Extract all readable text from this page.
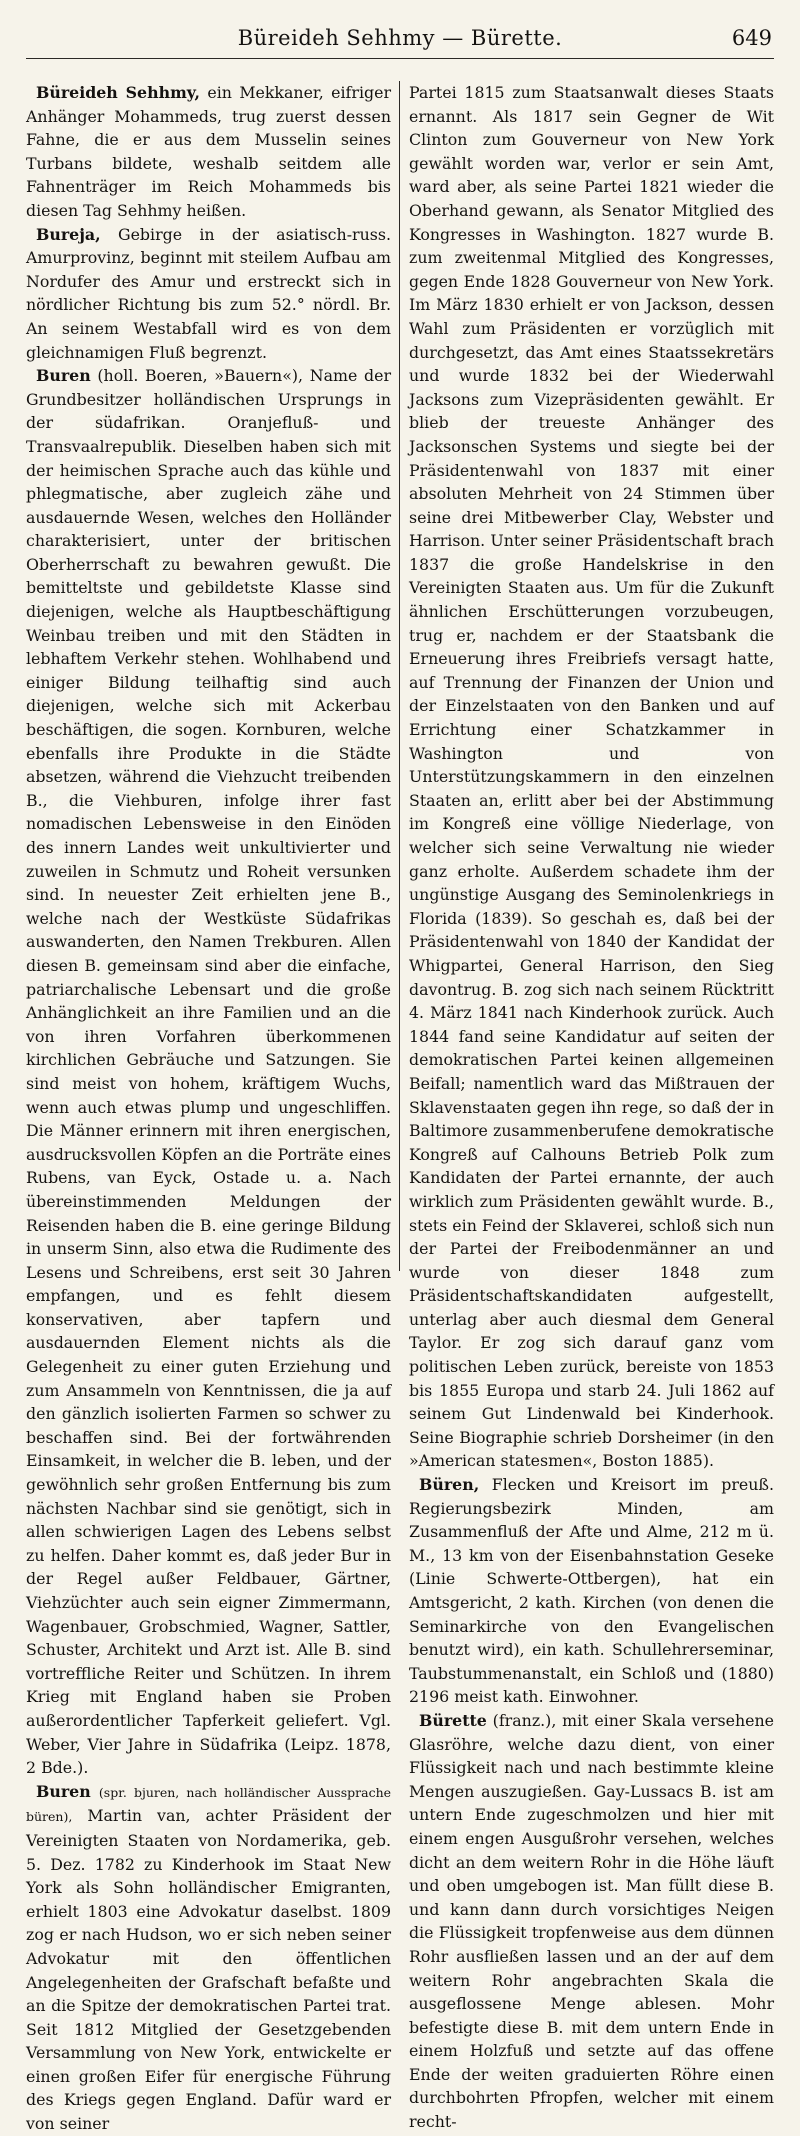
Büreideh Sehhmy — Bürette.	649

Büreideh Sehhmy, ein Mekkaner, eifriger Anhänger Mohammeds, trug zuerst dessen Fahne, die er aus dem Musselin seines Turbans bildete, weshalb seitdem alle Fahnenträger im Reich Mohammeds bis diesen Tag Sehhmy heißen.

Bureja, Gebirge in der asiatisch-russ. Amurprovinz, beginnt mit steilem Aufbau am Nordufer des Amur und erstreckt sich in nördlicher Richtung bis zum 52.° nördl. Br. An seinem Westabfall wird es von dem gleichnamigen Fluß begrenzt.

Buren (holl. Boeren, »Bauern«), Name der Grundbesitzer holländischen Ursprungs in der südafrikan. Oranjefluß- und Transvaalrepublik. Dieselben haben sich mit der heimischen Sprache auch das kühle und phlegmatische, aber zugleich zähe und ausdauernde Wesen, welches den Holländer charakterisiert, unter der britischen Oberherrschaft zu bewahren gewußt. Die bemitteltste und gebildetste Klasse sind diejenigen, welche als Hauptbeschäftigung Weinbau treiben und mit den Städten in lebhaftem Verkehr stehen. Wohlhabend und einiger Bildung teilhaftig sind auch diejenigen, welche sich mit Ackerbau beschäftigen, die sogen. Kornburen, welche ebenfalls ihre Produkte in die Städte absetzen, während die Viehzucht treibenden B., die Viehburen, infolge ihrer fast nomadischen Lebensweise in den Einöden des innern Landes weit unkultivierter und zuweilen in Schmutz und Roheit versunken sind. In neuester Zeit erhielten jene B., welche nach der Westküste Südafrikas auswanderten, den Namen Trekburen. Allen diesen B. gemeinsam sind aber die einfache, patriarchalische Lebensart und die große Anhänglichkeit an ihre Familien und an die von ihren Vorfahren überkommenen kirchlichen Gebräuche und Satzungen. Sie sind meist von hohem, kräftigem Wuchs, wenn auch etwas plump und ungeschliffen. Die Männer erinnern mit ihren energischen, ausdrucksvollen Köpfen an die Porträte eines Rubens, van Eyck, Ostade u. a. Nach übereinstimmenden Meldungen der Reisenden haben die B. eine geringe Bildung in unserm Sinn, also etwa die Rudimente des Lesens und Schreibens, erst seit 30 Jahren empfangen, und es fehlt diesem konservativen, aber tapfern und ausdauernden Element nichts als die Gelegenheit zu einer guten Erziehung und zum Ansammeln von Kenntnissen, die ja auf den gänzlich isolierten Farmen so schwer zu beschaffen sind. Bei der fortwährenden Einsamkeit, in welcher die B. leben, und der gewöhnlich sehr großen Entfernung bis zum nächsten Nachbar sind sie genötigt, sich in allen schwierigen Lagen des Lebens selbst zu helfen. Daher kommt es, daß jeder Bur in der Regel außer Feldbauer, Gärtner, Viehzüchter auch sein eigner Zimmermann, Wagenbauer, Grobschmied, Wagner, Sattler, Schuster, Architekt und Arzt ist. Alle B. sind vortreffliche Reiter und Schützen. In ihrem Krieg mit England haben sie Proben außerordentlicher Tapferkeit geliefert. Vgl. Weber, Vier Jahre in Südafrika (Leipz. 1878, 2 Bde.).

Buren (spr. bjuren, nach holländischer Aussprache büren), Martin van, achter Präsident der Vereinigten Staaten von Nordamerika, geb. 5. Dez. 1782 zu Kinderhook im Staat New York als Sohn holländischer Emigranten, erhielt 1803 eine Advokatur daselbst. 1809 zog er nach Hudson, wo er sich neben seiner Advokatur mit den öffentlichen Angelegenheiten der Grafschaft befaßte und an die Spitze der demokratischen Partei trat. Seit 1812 Mitglied der Gesetzgebenden Versammlung von New York, entwickelte er einen großen Eifer für energische Führung des Kriegs gegen England. Dafür ward er von seiner

Partei 1815 zum Staatsanwalt dieses Staats ernannt. Als 1817 sein Gegner de Wit Clinton zum Gouverneur von New York gewählt worden war, verlor er sein Amt, ward aber, als seine Partei 1821 wieder die Oberhand gewann, als Senator Mitglied des Kongresses in Washington. 1827 wurde B. zum zweitenmal Mitglied des Kongresses, gegen Ende 1828 Gouverneur von New York. Im März 1830 erhielt er von Jackson, dessen Wahl zum Präsidenten er vorzüglich mit durchgesetzt, das Amt eines Staatssekretärs und wurde 1832 bei der Wiederwahl Jacksons zum Vizepräsidenten gewählt. Er blieb der treueste Anhänger des Jacksonschen Systems und siegte bei der Präsidentenwahl von 1837 mit einer absoluten Mehrheit von 24 Stimmen über seine drei Mitbewerber Clay, Webster und Harrison. Unter seiner Präsidentschaft brach 1837 die große Handelskrise in den Vereinigten Staaten aus. Um für die Zukunft ähnlichen Erschütterungen vorzubeugen, trug er, nachdem er der Staatsbank die Erneuerung ihres Freibriefs versagt hatte, auf Trennung der Finanzen der Union und der Einzelstaaten von den Banken und auf Errichtung einer Schatzkammer in Washington und von Unterstützungskammern in den einzelnen Staaten an, erlitt aber bei der Abstimmung im Kongreß eine völlige Niederlage, von welcher sich seine Verwaltung nie wieder ganz erholte. Außerdem schadete ihm der ungünstige Ausgang des Seminolenkriegs in Florida (1839). So geschah es, daß bei der Präsidentenwahl von 1840 der Kandidat der Whigpartei, General Harrison, den Sieg davontrug. B. zog sich nach seinem Rücktritt 4. März 1841 nach Kinderhook zurück. Auch 1844 fand seine Kandidatur auf seiten der demokratischen Partei keinen allgemeinen Beifall; namentlich ward das Mißtrauen der Sklavenstaaten gegen ihn rege, so daß der in Baltimore zusammenberufene demokratische Kongreß auf Calhouns Betrieb Polk zum Kandidaten der Partei ernannte, der auch wirklich zum Präsidenten gewählt wurde. B., stets ein Feind der Sklaverei, schloß sich nun der Partei der Freibodenmänner an und wurde von dieser 1848 zum Präsidentschaftskandidaten aufgestellt, unterlag aber auch diesmal dem General Taylor. Er zog sich darauf ganz vom politischen Leben zurück, bereiste von 1853 bis 1855 Europa und starb 24. Juli 1862 auf seinem Gut Lindenwald bei Kinderhook. Seine Biographie schrieb Dorsheimer (in den »American statesmen«, Boston 1885).

Büren, Flecken und Kreisort im preuß. Regierungsbezirk Minden, am Zusammenfluß der Afte und Alme, 212 m ü. M., 13 km von der Eisenbahnstation Geseke (Linie Schwerte-Ottbergen), hat ein Amtsgericht, 2 kath. Kirchen (von denen die Seminarkirche von den Evangelischen benutzt wird), ein kath. Schullehrerseminar, Taubstummenanstalt, ein Schloß und (1880) 2196 meist kath. Einwohner.

Bürette (franz.), mit einer Skala versehene Glasröhre, welche dazu dient, von einer Flüssigkeit nach und nach bestimmte kleine Mengen auszugießen. Gay-Lussacs B. ist am untern Ende zugeschmolzen und hier mit einem engen Ausgußrohr versehen, welches dicht an dem weitern Rohr in die Höhe läuft und oben umgebogen ist. Man füllt diese B. und kann dann durch vorsichtiges Neigen die Flüssigkeit tropfenweise aus dem dünnen Rohr ausfließen lassen und an der auf dem weitern Rohr angebrachten Skala die ausgeflossene Menge ablesen. Mohr befestigte diese B. mit dem untern Ende in einem Holzfuß und setzte auf das offene Ende der weiten graduierten Röhre einen durchbohrten Pfropfen, welcher mit einem recht-
